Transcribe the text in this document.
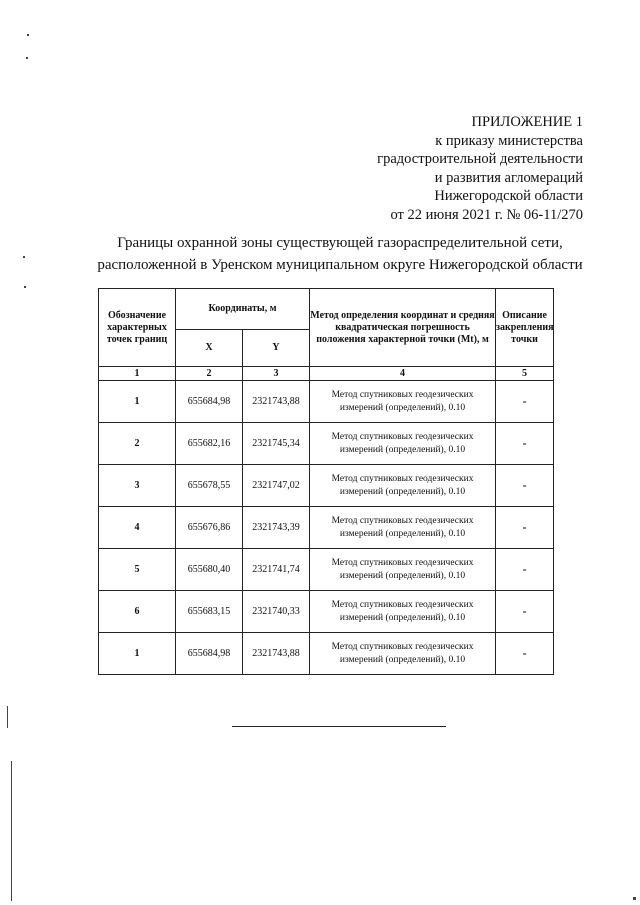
ПРИЛОЖЕНИЕ 1
к приказу министерства
градостроительной деятельности
и развития агломераций
Нижегородской области
от 22 июня 2021 г. № 06-11/270
Границы охранной зоны существующей газораспределительной сети,
расположенной в Уренском муниципальном округе Нижегородской области
Обозначение характерных точек границ	Координаты, м		Метод определения координат и средняя квадратическая погрешность положения характерной точки (Mt), м	Описание закрепления точки
	X	Y		
1	2	3	4	5
1	655684,98	2321743,88	Метод спутниковых геодезических измерений (определений), 0.10	-
2	655682,16	2321745,34	Метод спутниковых геодезических измерений (определений), 0.10	-
3	655678,55	2321747,02	Метод спутниковых геодезических измерений (определений), 0.10	-
4	655676,86	2321743,39	Метод спутниковых геодезических измерений (определений), 0.10	-
5	655680,40	2321741,74	Метод спутниковых геодезических измерений (определений), 0.10	-
6	655683,15	2321740,33	Метод спутниковых геодезических измерений (определений), 0.10	-
1	655684,98	2321743,88	Метод спутниковых геодезических измерений (определений), 0.10	-
